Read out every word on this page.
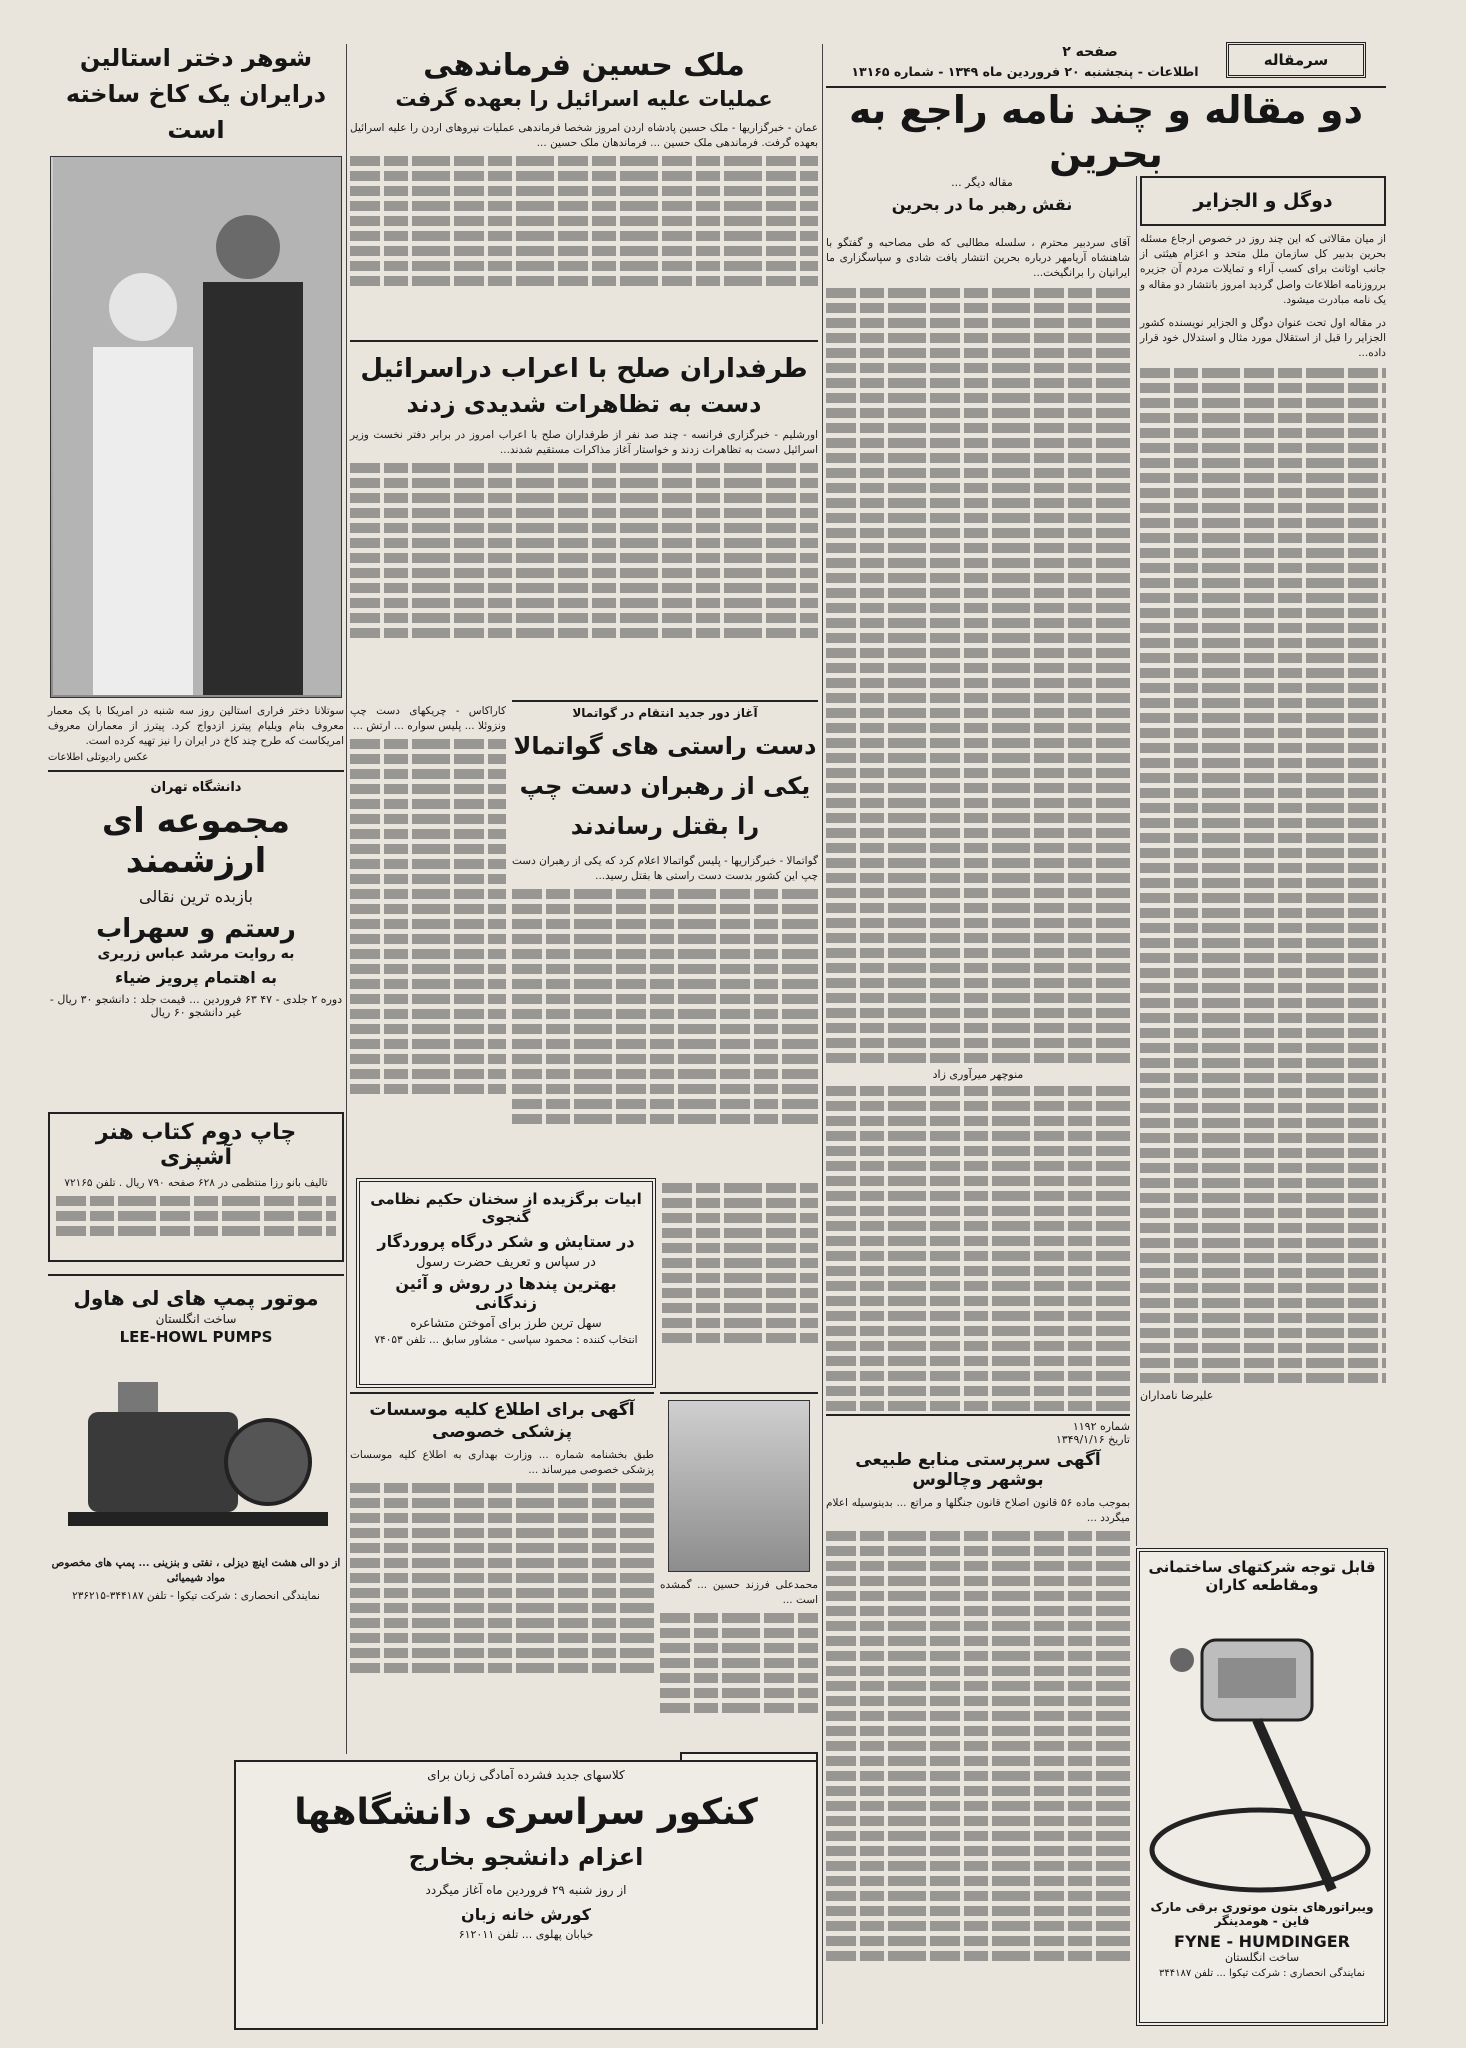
سرمقاله
صفحه ۲
اطلاعات - پنجشنبه ۲۰ فروردین ماه ۱۳۴۹ - شماره ۱۳۱۶۵
دو مقاله و چند نامه راجع به بحرین
دوگل و الجزایر
مقاله دیگر ...
نقش رهبر ما در بحرین

از میان مقالاتی که این چند روز در خصوص ارجاع مسئله بحرین بدبیر کل سازمان ملل متحد و اعزام هیئتی از جانب اوثانت برای کسب آراء و تمایلات مردم آن جزیره برروزنامه اطلاعات واصل گردید امروز بانتشار دو مقاله و یک نامه مبادرت میشود.

در مقاله اول تحت عنوان دوگل و الجزایر نویسنده کشور الجزایر را قبل از استقلال مورد مثال و استدلال خود قرار داده...

علیرضا نامداران

آقای سردبیر محترم ، سلسله مطالبی که طی مصاحبه و گفتگو با شاهنشاه آریامهر درباره بحرین انتشار یافت شادی و سپاسگزاری ما ایرانیان را برانگیخت...

منوچهر میرآوری زاد
شماره ۱۱۹۲
تاریخ ۱۳۴۹/۱/۱۶
آگهی سرپرستی منابع طبیعی بوشهر وچالوس

بموجب ماده ۵۶ قانون اصلاح قانون جنگلها و مراتع ... بدینوسیله اعلام میگردد ...

قابل توجه شرکتهای ساختمانی ومقاطعه کاران
ویبراتورهای بتون موتوری برقی مارک فاین - هومدینگر
FYNE - HUMDINGER
ساخت انگلستان
نمایندگی انحصاری : شرکت تیکوا ... تلفن ۳۴۴۱۸۷
ملک حسین فرماندهی
عملیات علیه اسرائیل را بعهده گرفت

عمان - خبرگزاریها - ملک حسین پادشاه اردن امروز شخصا فرماندهی عملیات نیروهای اردن را علیه اسرائیل بعهده گرفت. فرماندهی ملک حسین ... فرماندهان ملک حسین ...

طرفداران صلح با اعراب دراسرائیل
دست به تظاهرات شدیدی زدند

اورشلیم - خبرگزاری فرانسه - چند صد نفر از طرفداران صلح با اعراب امروز در برابر دفتر نخست وزیر اسرائیل دست به تظاهرات زدند و خواستار آغاز مذاکرات مستقیم شدند...

آغاز دور جدید انتقام در گواتمالا
دست راستی های گواتمالا یکی از رهبران دست چپ را بقتل رساندند

گواتمالا - خبرگزاریها - پلیس گواتمالا اعلام کرد که یکی از رهبران دست چپ این کشور بدست دست راستی ها بقتل رسید...

کاراکاس - چریکهای دست چپ ونزوئلا ... پلیس سواره ... ارتش ...

ابیات برگزیده از سخنان حکیم نظامی گنجوی
در ستایش و شکر درگاه پروردگار
در سپاس و تعریف حضرت رسول
بهترین پندها در روش و آئین زندگانی
سهل ترین طرز برای آموختن متشاعره
انتخاب کننده : محمود سپاسی - مشاور سابق ... تلفن ۷۴۰۵۳

محمدعلی فرزند حسین ... گمشده است ...

آگهی برای اطلاع کلیه موسسات
پزشکی خصوصی

طبق بخشنامه شماره ... وزارت بهداری به اطلاع کلیه موسسات پزشکی خصوصی میرساند ...

کلاسهای جدید فشرده آمادگی زبان برای
کنکور سراسری دانشگاهها
اعزام دانشجو بخارج
از روز شنبه ۲۹ فروردین ماه آغاز میگردد
کورش خانه زبان
خیابان پهلوی ... تلفن ۶۱۲۰۱۱
شوهر دختر استالین درایران یک کاخ ساخته است

سوتلانا دختر فراری استالین روز سه شنبه در امریکا با یک معمار معروف بنام ویلیام پیترز ازدواج کرد. پیترز از معماران معروف امریکاست که طرح چند کاخ در ایران را نیز تهیه کرده است.

عکس رادیوتلی اطلاعات
دانشگاه تهران
مجموعه ای ارزشمند
بازبده ترین نقالی
رستم و سهراب
به روایت مرشد عباس زریری
به اهتمام پرویز ضیاء
دوره ۲ جلدی - ۴۷ ۶۳ فروردین ... قیمت جلد : دانشجو ۳۰ ریال - غیر دانشجو ۶۰ ریال
چاپ دوم کتاب هنر آشپزی

تالیف بانو رزا منتظمی در ۶۲۸ صفحه ۷۹۰ ریال . تلفن ۷۲۱۶۵

موتور پمپ های لی هاول
ساخت انگلستان
LEE-HOWL PUMPS

از دو الی هشت اینچ دیزلی ، نفتی و بنزینی ... پمپ های مخصوص مواد شیمیائی

نمایندگی انحصاری : شرکت تیکوا - تلفن ۳۴۴۱۸۷-۲۳۶۲۱۵
